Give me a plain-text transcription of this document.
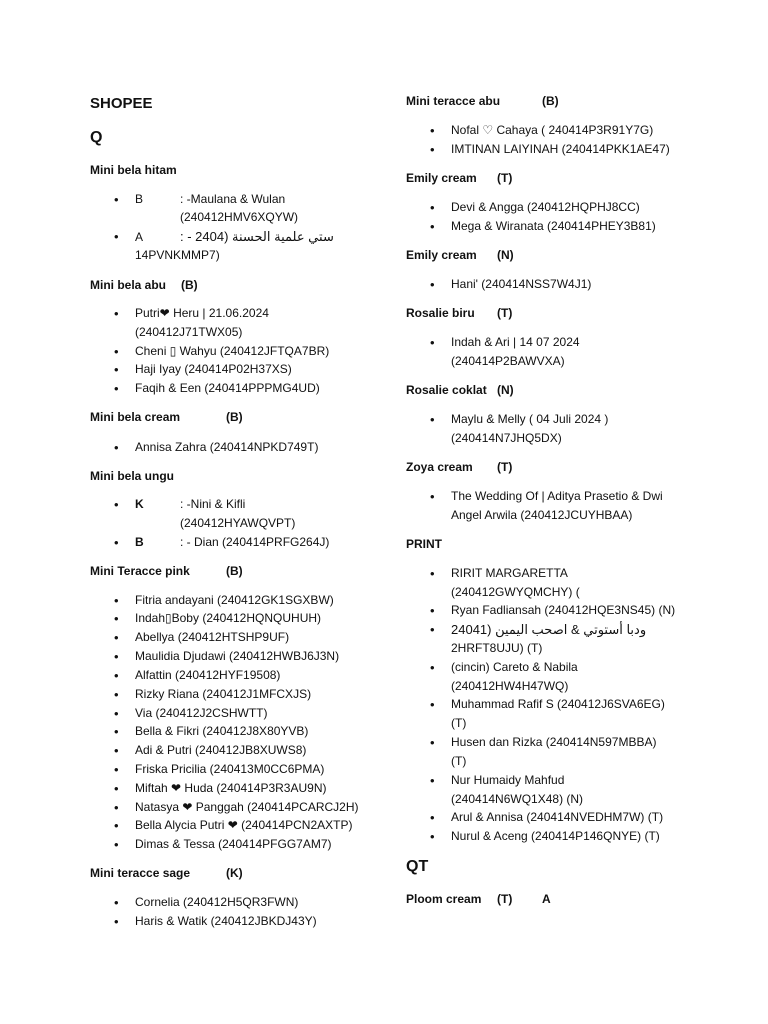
SHOPEE
Q
Mini bela hitam
• B	: -Maulana & Wulan
(240412HMV6XQYW)
• A	: - ستي علمية الحسنة (2404
14PVNKMMP7)
Mini bela abu (B)
• Putri❤ Heru | 21.06.2024
(240412J71TWX05)
• Cheni ▯ Wahyu (240412JFTQA7BR)
• Haji Iyay (240414P02H37XS)
• Faqih & Een (240414PPPMG4UD)
Mini bela cream	(B)
• Annisa Zahra (240414NPKD749T)
Mini bela ungu
• K	: -Nini & Kifli
(240412HYAWQVPT)
• B	: - Dian (240414PRFG264J)
Mini Teracce pink	(B)
• Fitria andayani (240412GK1SGXBW)
• Indah▯Boby (240412HQNQUHUH)
• Abellya (240412HTSHP9UF)
• Maulidia Djudawi (240412HWBJ6J3N)
• Alfattin (240412HYF19508)
• Rizky Riana (240412J1MFCXJS)
• Via (240412J2CSHWTT)
• Bella & Fikri (240412J8X80YVB)
• Adi & Putri (240412JB8XUWS8)
• Friska Pricilia (240413M0CC6PMA)
• Miftah ❤ Huda (240414P3R3AU9N)
• Natasya ❤ Panggah (240414PCARCJ2H)
• Bella Alycia Putri ❤ (240414PCN2AXTP)
• Dimas & Tessa (240414PFGG7AM7)
Mini teracce sage	(K)
• Cornelia (240412H5QR3FWN)
• Haris & Watik (240412JBKDJ43Y)
Mini teracce abu	(B)
• Nofal ♡ Cahaya ( 240414P3R91Y7G)
• IMTINAN LAIYINAH (240414PKK1AE47)
Emily cream (T)
• Devi & Angga (240412HQPHJ8CC)
• Mega & Wiranata (240414PHEY3B81)
Emily cream (N)
• Hani' (240414NSS7W4J1)
Rosalie biru (T)
• Indah & Ari | 14 07 2024
(240414P2BAWVXA)
Rosalie coklat (N)
• Maylu & Melly ( 04 Juli 2024 )
(240414N7JHQ5DX)
Zoya cream (T)
• The Wedding Of | Aditya Prasetio & Dwi
Angel Arwila (240412JCUYHBAA)
PRINT
• RIRIT MARGARETTA
(240412GWYQMCHY) (
• Ryan Fadliansah (240412HQE3NS45) (N)
• ودبا أستوتي & اصحب اليمين (24041
2HRFT8UJU) (T)
• (cincin) Careto & Nabila
(240412HW4H47WQ)
• Muhammad Rafif S (240412J6SVA6EG)
(T)
• Husen dan Rizka (240414N597MBBA)
(T)
• Nur Humaidy Mahfud
(240414N6WQ1X48) (N)
• Arul & Annisa (240414NVEDHM7W) (T)
• Nurul & Aceng (240414P146QNYE) (T)
QT
Ploom cream (T) A
